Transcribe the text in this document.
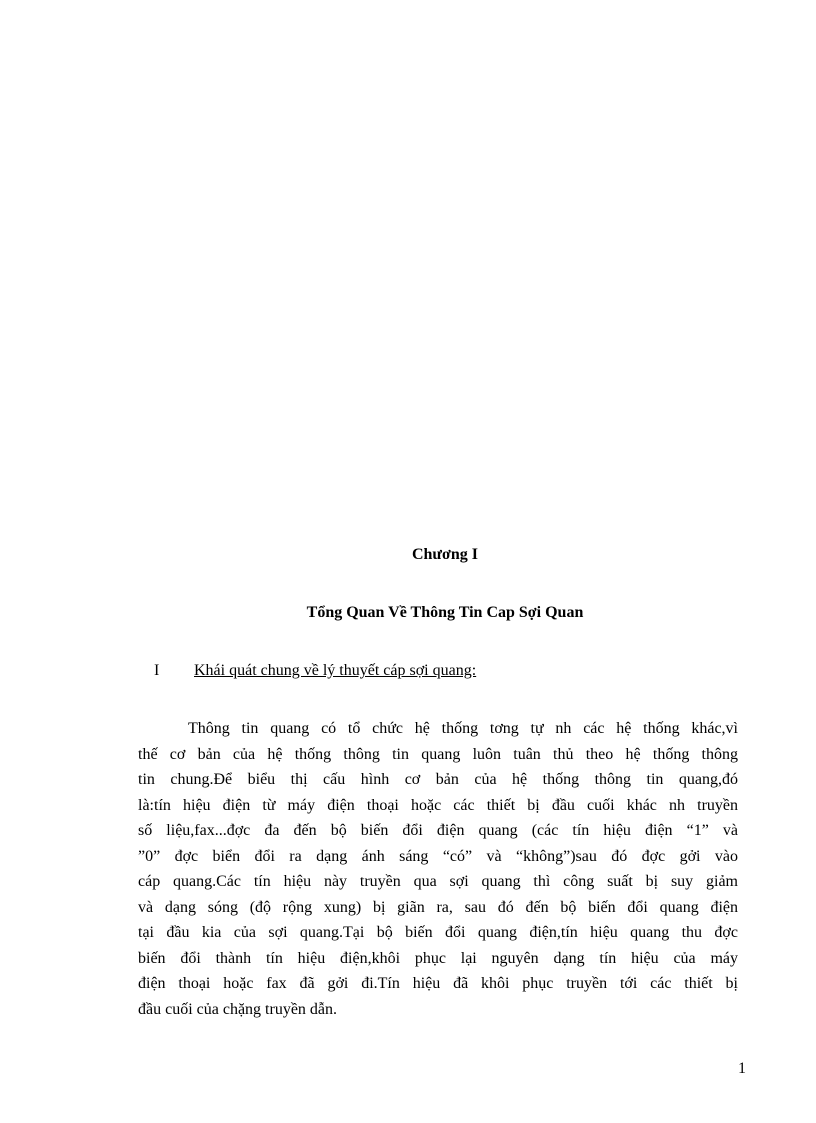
Chương I
Tổng Quan Về Thông Tin Cap Sợi Quan
I Khái quát chung về lý thuyết cáp sợi quang:
Thông tin quang có tổ chức hệ thống tơng tự nh các hệ thống khác,vì
thế cơ bản của hệ thống thông tin quang luôn tuân thủ theo hệ thống thông
tin chung.Để biểu thị cấu hình cơ bản của hệ thống thông tin quang,đó
là:tín hiệu điện từ máy điện thoại hoặc các thiết bị đầu cuối khác nh truyền
số liệu,fax...đợc đa đến bộ biến đổi điện quang (các tín hiệu điện “1” và
”0” đợc biển đổi ra dạng ánh sáng “có” và “không”)sau đó đợc gởi vào
cáp quang.Các tín hiệu này truyền qua sợi quang thì công suất bị suy giảm
và dạng sóng (độ rộng xung) bị giãn ra, sau đó đến bộ biến đổi quang điện
tại đầu kia của sợi quang.Tại bộ biến đổi quang điện,tín hiệu quang thu đợc
biến đổi thành tín hiệu điện,khôi phục lại nguyên dạng tín hiệu của máy
điện thoại hoặc fax đã gởi đi.Tín hiệu đã khôi phục truyền tới các thiết bị
đầu cuối của chặng truyền dẫn.
1
